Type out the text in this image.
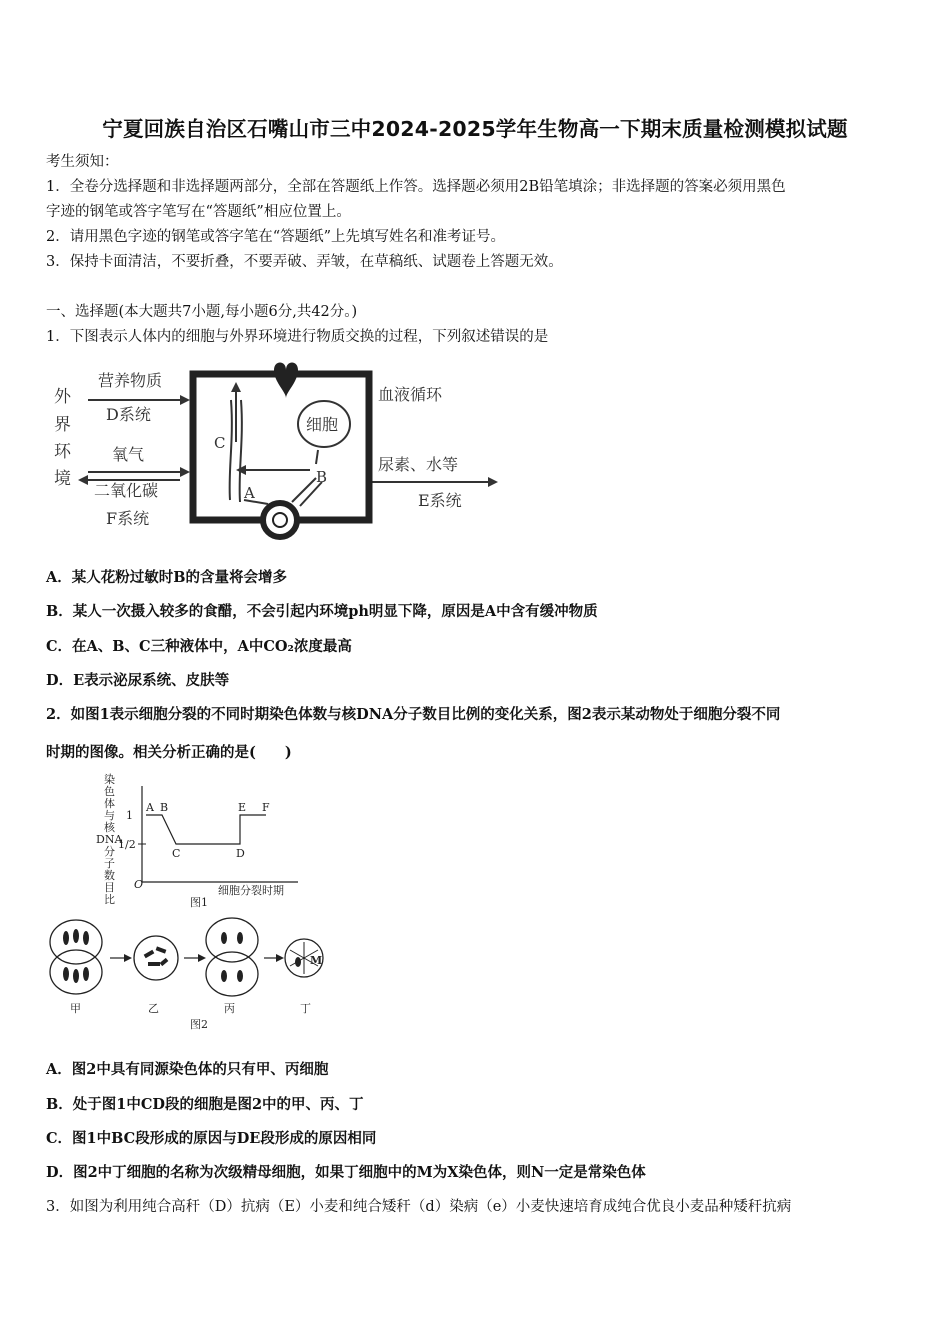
宁夏回族自治区石嘴山市三中2024-2025学年生物高一下期末质量检测模拟试题
考生须知：
1．全卷分选择题和非选择题两部分，全部在答题纸上作答。选择题必须用2B铅笔填涂；非选择题的答案必须用黑色
字迹的钢笔或答字笔写在“答题纸”相应位置上。
2．请用黑色字迹的钢笔或答字笔在“答题纸”上先填写姓名和准考证号。
3．保持卡面清洁，不要折叠，不要弄破、弄皱，在草稿纸、试题卷上答题无效。
一、选择题(本大题共7小题,每小题6分,共42分。)
1．下图表示人体内的细胞与外界环境进行物质交换的过程，下列叙述错误的是
外
界
环
境
营养物质
D系统
氧气
二氧化碳
F系统
血液循环
尿素、水等
E系统
细胞
B
A
C
A．某人花粉过敏时B的含量将会增多
B．某人一次摄入较多的食醋，不会引起内环境ph明显下降，原因是A中含有缓冲物质
C．在A、B、C三种液体中，A中CO₂浓度最高
D．E表示泌尿系统、皮肤等
2．如图1表示细胞分裂的不同时期染色体数与核DNA分子数目比例的变化关系，图2表示某动物处于细胞分裂不同
时期的图像。相关分析正确的是(　　)
染
色
体
与
核
DNA
分
子
数
目
比
1
1/2
O
A B
C	D
E F
细胞分裂时期
图1
M
甲	乙	丙	丁
图2
A．图2中具有同源染色体的只有甲、丙细胞
B．处于图1中CD段的细胞是图2中的甲、丙、丁
C．图1中BC段形成的原因与DE段形成的原因相同
D．图2中丁细胞的名称为次级精母细胞，如果丁细胞中的M为X染色体，则N一定是常染色体
3．如图为利用纯合高秆（D）抗病（E）小麦和纯合矮秆（d）染病（e）小麦快速培育成纯合优良小麦品种矮秆抗病
